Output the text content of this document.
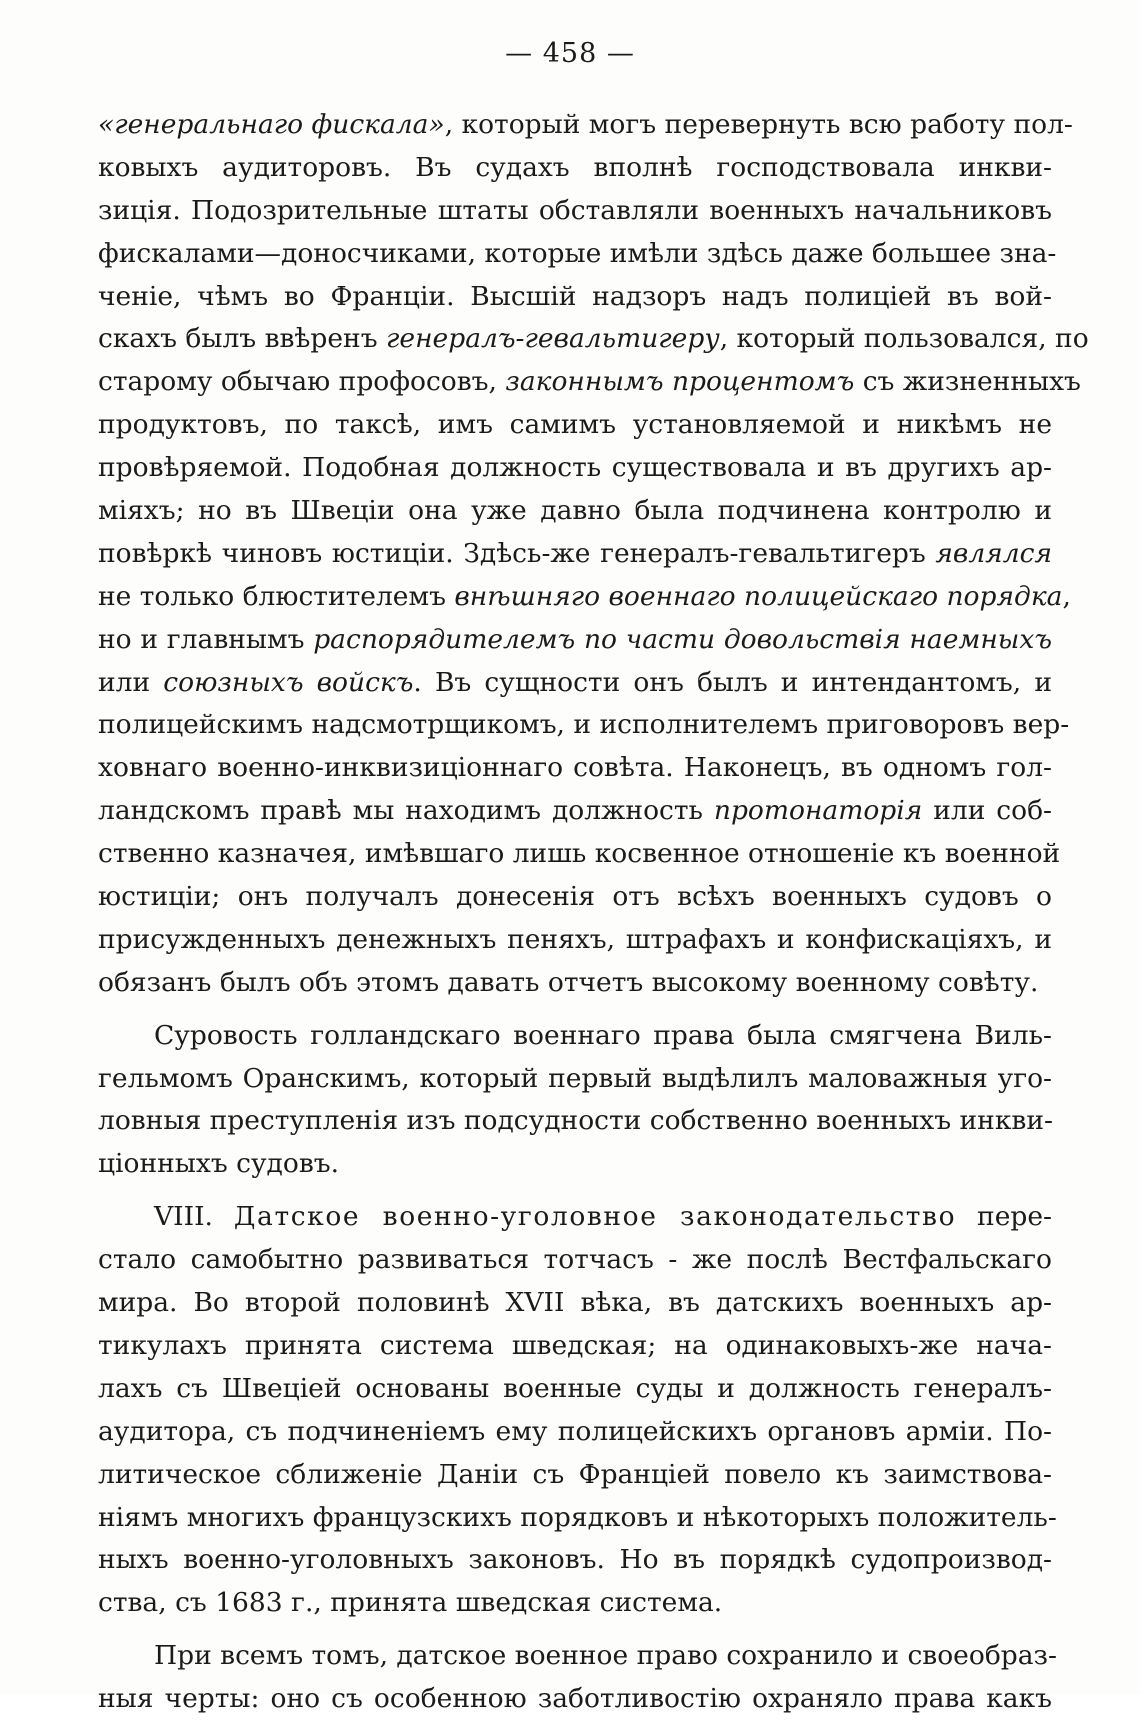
— 458 —
«генеральнаго фискала», который могъ перевернуть всю работу пол-
ковыхъ аудиторовъ. Въ судахъ вполнѣ господствовала инкви-
зиція. Подозрительные штаты обставляли военныхъ начальниковъ
фискалами—доносчиками, которые имѣли здѣсь даже большее зна-
ченіе, чѣмъ во Франціи. Высшій надзоръ надъ полиціей въ вой-
скахъ былъ ввѣренъ генералъ-гевальтигеру, который пользовался, по
старому обычаю профосовъ, законнымъ процентомъ съ жизненныхъ
продуктовъ, по таксѣ, имъ самимъ установляемой и никѣмъ не
провѣряемой. Подобная должность существовала и въ другихъ ар-
міяхъ; но въ Швеціи она уже давно была подчинена контролю и
повѣркѣ чиновъ юстиціи. Здѣсь-же генералъ-гевальтигеръ являлся
не только блюстителемъ внѣшняго военнаго полицейскаго порядка,
но и главнымъ распорядителемъ по части довольствія наемныхъ
или союзныхъ войскъ. Въ сущности онъ былъ и интендантомъ, и
полицейскимъ надсмотрщикомъ, и исполнителемъ приговоровъ вер-
ховнаго военно-инквизиціоннаго совѣта. Наконецъ, въ одномъ гол-
ландскомъ правѣ мы находимъ должность протонаторія или соб-
ственно казначея, имѣвшаго лишь косвенное отношеніе къ военной
юстиціи; онъ получалъ донесенія отъ всѣхъ военныхъ судовъ о
присужденныхъ денежныхъ пеняхъ, штрафахъ и конфискаціяхъ, и
обязанъ былъ объ этомъ давать отчетъ высокому военному совѣту.
Суровость голландскаго военнаго права была смягчена Виль-
гельмомъ Оранскимъ, который первый выдѣлилъ маловажныя уго-
ловныя преступленія изъ подсудности собственно военныхъ инкви-
ціонныхъ судовъ.
VIII. Датское военно-уголовное законодательство пере-
стало самобытно развиваться тотчасъ - же послѣ Вестфальскаго
мира. Во второй половинѣ XVII вѣка, въ датскихъ военныхъ ар-
тикулахъ принята система шведская; на одинаковыхъ-же нача-
лахъ съ Швеціей основаны военные суды и должность генералъ-
аудитора, съ подчиненіемъ ему полицейскихъ органовъ арміи. По-
литическое сближеніе Даніи съ Франціей повело къ заимствова-
ніямъ многихъ французскихъ порядковъ и нѣкоторыхъ положитель-
ныхъ военно-уголовныхъ законовъ. Но въ порядкѣ судопроизвод-
ства, съ 1683 г., принята шведская система.
При всемъ томъ, датское военное право сохранило и своеобраз-
ныя черты: оно съ особенною заботливостію охраняло права какъ
